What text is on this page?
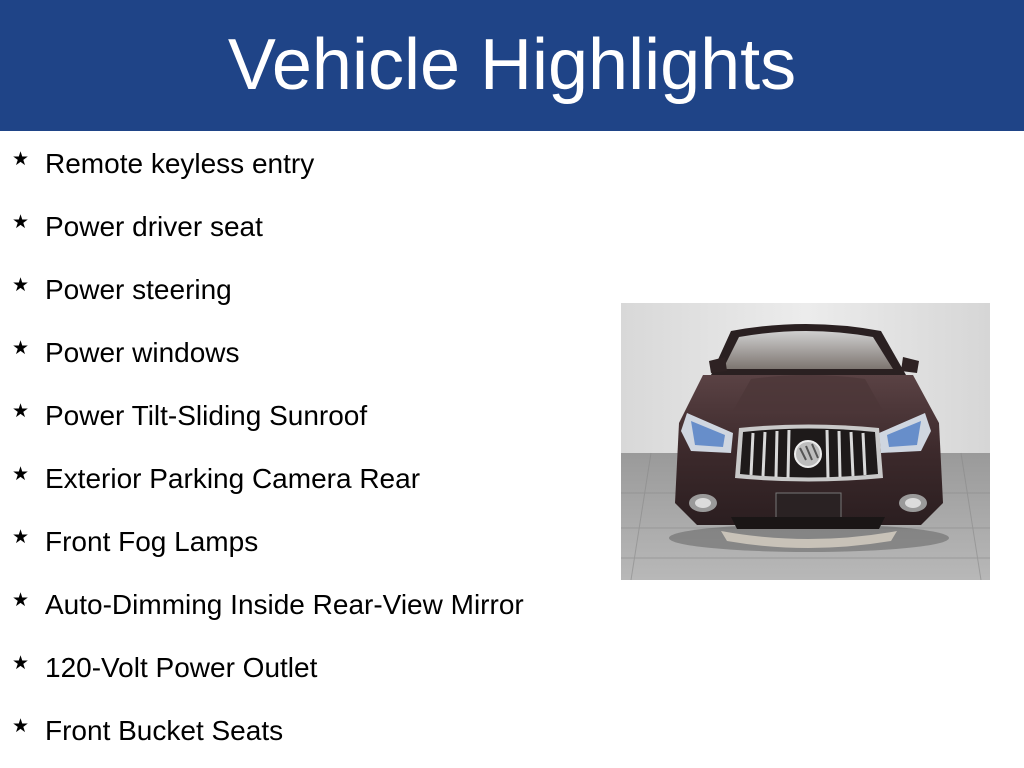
Vehicle Highlights
★ Remote keyless entry
★ Power driver seat
★ Power steering
★ Power windows
★ Power Tilt-Sliding Sunroof
★ Exterior Parking Camera Rear
★ Front Fog Lamps
★ Auto-Dimming Inside Rear-View Mirror
★ 120-Volt Power Outlet
★ Front Bucket Seats
